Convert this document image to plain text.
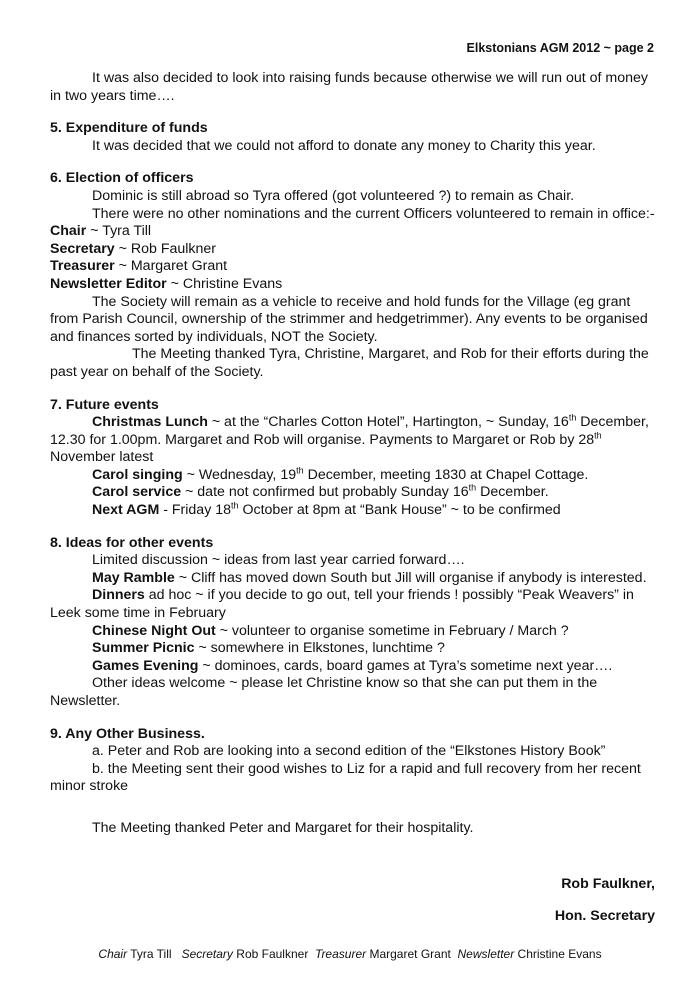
Elkstonians AGM 2012 ~ page 2

It was also decided to look into raising funds because otherwise we will run out of money in two years time….

5. Expenditure of funds

It was decided that we could not afford to donate any money to Charity this year.

6. Election of officers

Dominic is still abroad so Tyra offered (got volunteered ?) to remain as Chair.

There were no other nominations and the current Officers volunteered to remain in office:-

Chair ~ Tyra Till

Secretary ~ Rob Faulkner

Treasurer ~ Margaret Grant

Newsletter Editor ~ Christine Evans

The Society will remain as a vehicle to receive and hold funds for the Village (eg grant from Parish Council, ownership of the strimmer and hedgetrimmer). Any events to be organised and finances sorted by individuals, NOT the Society.

The Meeting thanked Tyra, Christine, Margaret, and Rob for their efforts during the past year on behalf of the Society.

7. Future events

Christmas Lunch ~ at the “Charles Cotton Hotel”, Hartington, ~ Sunday, 16th December, 12.30 for 1.00pm. Margaret and Rob will organise. Payments to Margaret or Rob by 28th November latest

Carol singing ~ Wednesday, 19th December, meeting 1830 at Chapel Cottage.

Carol service ~ date not confirmed but probably Sunday 16th December.

Next AGM - Friday 18th October at 8pm at “Bank House” ~ to be confirmed

8. Ideas for other events

Limited discussion ~ ideas from last year carried forward….

May Ramble ~ Cliff has moved down South but Jill will organise if anybody is interested.

Dinners ad hoc ~ if you decide to go out, tell your friends ! possibly “Peak Weavers” in Leek some time in February

Chinese Night Out ~ volunteer to organise sometime in February / March ?

Summer Picnic ~ somewhere in Elkstones, lunchtime ?

Games Evening ~ dominoes, cards, board games at Tyra’s sometime next year….

Other ideas welcome ~ please let Christine know so that she can put them in the Newsletter.

9. Any Other Business.

a. Peter and Rob are looking into a second edition of the “Elkstones History Book”

b. the Meeting sent their good wishes to Liz for a rapid and full recovery from her recent minor stroke

The Meeting thanked Peter and Margaret for their hospitality.

Rob Faulkner,

Hon. Secretary

Chair Tyra Till Secretary Rob Faulkner Treasurer Margaret Grant Newsletter Christine Evans
